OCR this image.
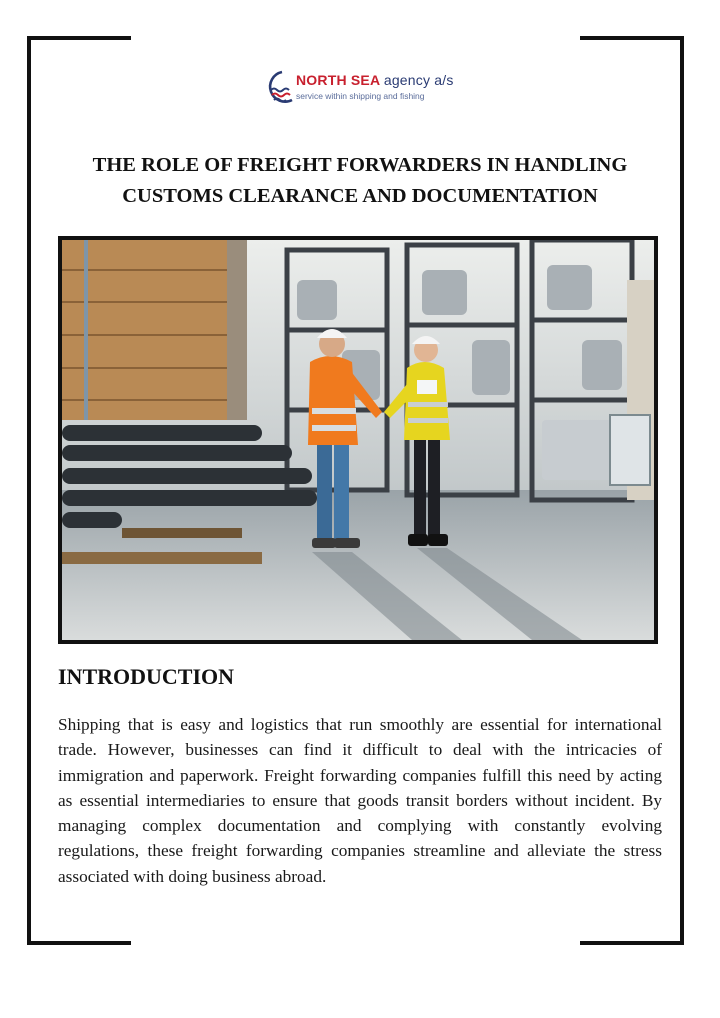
NORTH SEA agency a/s
service within shipping and fishing
THE ROLE OF FREIGHT FORWARDERS IN HANDLING CUSTOMS CLEARANCE AND DOCUMENTATION
INTRODUCTION

Shipping that is easy and logistics that run smoothly are essential for international trade. However, businesses can find it difficult to deal with the intricacies of immigration and paperwork. Freight forwarding companies fulfill this need by acting as essential intermediaries to ensure that goods transit borders without incident. By managing complex documentation and complying with constantly evolving regulations, these freight forwarding companies streamline and alleviate the stress associated with doing business abroad.
